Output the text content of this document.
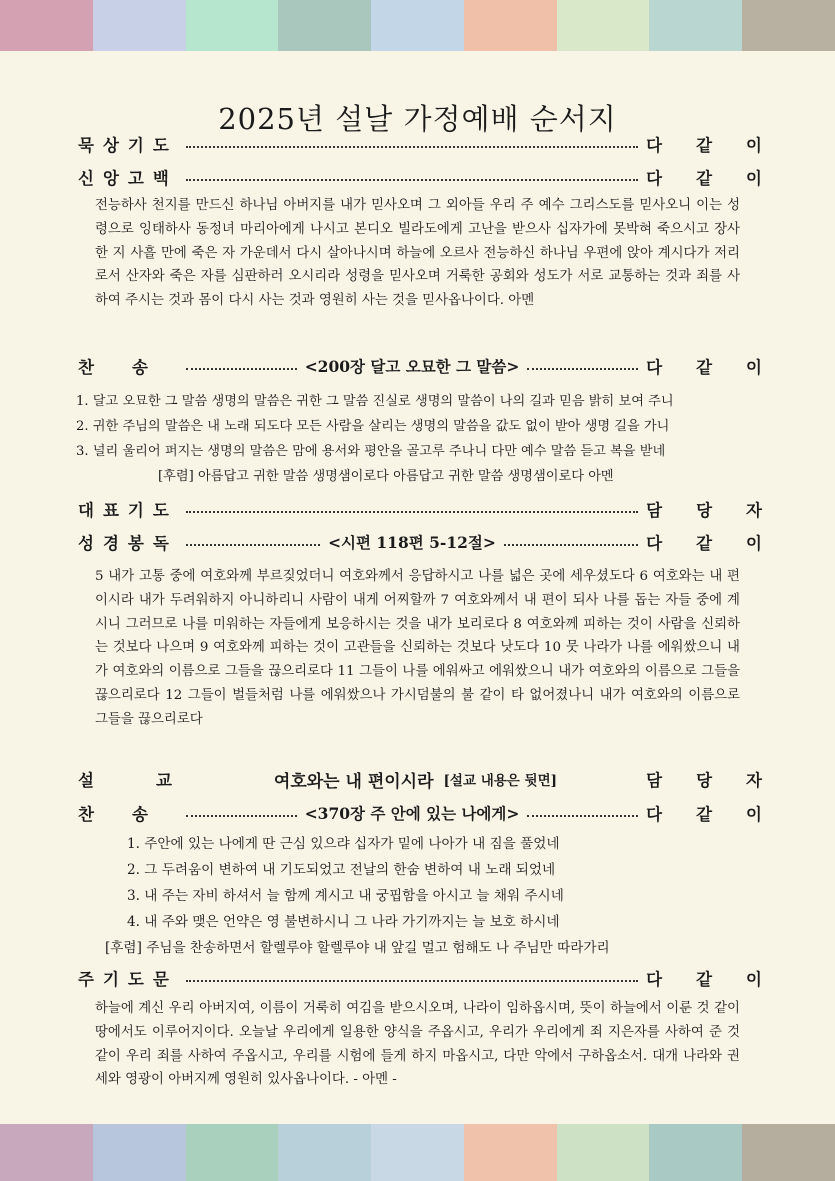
2025년 설날 가정예배 순서지
묵상기도	다같이
신앙고백	다같이
전능하사 천지를 만드신 하나님 아버지를 내가 믿사오며 그 외아들 우리 주 예수 그리스도를 믿사오니 이는 성령으로 잉태하사 동정녀 마리아에게 나시고 본디오 빌라도에게 고난을 받으사 십자가에 못박혀 죽으시고 장사한 지 사흘 만에 죽은 자 가운데서 다시 살아나시며 하늘에 오르사 전능하신 하나님 우편에 앉아 계시다가 저리로서 산자와 죽은 자를 심판하러 오시리라 성령을 믿사오며 거룩한 공회와 성도가 서로 교통하는 것과 죄를 사하여 주시는 것과 몸이 다시 사는 것과 영원히 사는 것을 믿사옵나이다. 아멘
찬송	<200장 달고 오묘한 그 말씀>	다같이
1. 달고 오묘한 그 말씀 생명의 말씀은 귀한 그 말씀 진실로 생명의 말씀이 나의 길과 믿음 밝히 보여 주니
2. 귀한 주님의 말씀은 내 노래 되도다 모든 사람을 살리는 생명의 말씀을 값도 없이 받아 생명 길을 가니
3. 널리 울리어 퍼지는 생명의 말씀은 맘에 용서와 평안을 골고루 주나니 다만 예수 말씀 듣고 복을 받네
[후렴] 아름답고 귀한 말씀 생명샘이로다 아름답고 귀한 말씀 생명샘이로다 아멘
대표기도	담당자
성경봉독	<시편 118편 5-12절>	다같이
5 내가 고통 중에 여호와께 부르짖었더니 여호와께서 응답하시고 나를 넓은 곳에 세우셨도다 6 여호와는 내 편이시라 내가 두려워하지 아니하리니 사람이 내게 어찌할까 7 여호와께서 내 편이 되사 나를 돕는 자들 중에 계시니 그러므로 나를 미워하는 자들에게 보응하시는 것을 내가 보리로다 8 여호와께 피하는 것이 사람을 신뢰하는 것보다 나으며 9 여호와께 피하는 것이 고관들을 신뢰하는 것보다 낫도다 10 뭇 나라가 나를 에워쌌으니 내가 여호와의 이름으로 그들을 끊으리로다 11 그들이 나를 에워싸고 에워쌌으니 내가 여호와의 이름으로 그들을 끊으리로다 12 그들이 벌들처럼 나를 에워쌌으나 가시덤불의 불 같이 타 없어졌나니 내가 여호와의 이름으로 그들을 끊으리로다
설교 여호와는 내 편이시라 [설교 내용은 뒷면]	담당자
찬송	<370장 주 안에 있는 나에게>	다같이
1. 주안에 있는 나에게 딴 근심 있으랴 십자가 밑에 나아가 내 짐을 풀었네
2. 그 두려움이 변하여 내 기도되었고 전날의 한숨 변하여 내 노래 되었네
3. 내 주는 자비 하셔서 늘 함께 계시고 내 궁핍함을 아시고 늘 채워 주시네
4. 내 주와 맺은 언약은 영 불변하시니 그 나라 가기까지는 늘 보호 하시네
[후렴] 주님을 찬송하면서 할렐루야 할렐루야 내 앞길 멀고 험해도 나 주님만 따라가리
주기도문	다같이
하늘에 계신 우리 아버지여, 이름이 거룩히 여김을 받으시오며, 나라이 임하옵시며, 뜻이 하늘에서 이룬 것 같이 땅에서도 이루어지이다. 오늘날 우리에게 일용한 양식을 주옵시고, 우리가 우리에게 죄 지은자를 사하여 준 것 같이 우리 죄를 사하여 주옵시고, 우리를 시험에 들게 하지 마옵시고, 다만 악에서 구하옵소서. 대개 나라와 권세와 영광이 아버지께 영원히 있사옵나이다. - 아멘 -
